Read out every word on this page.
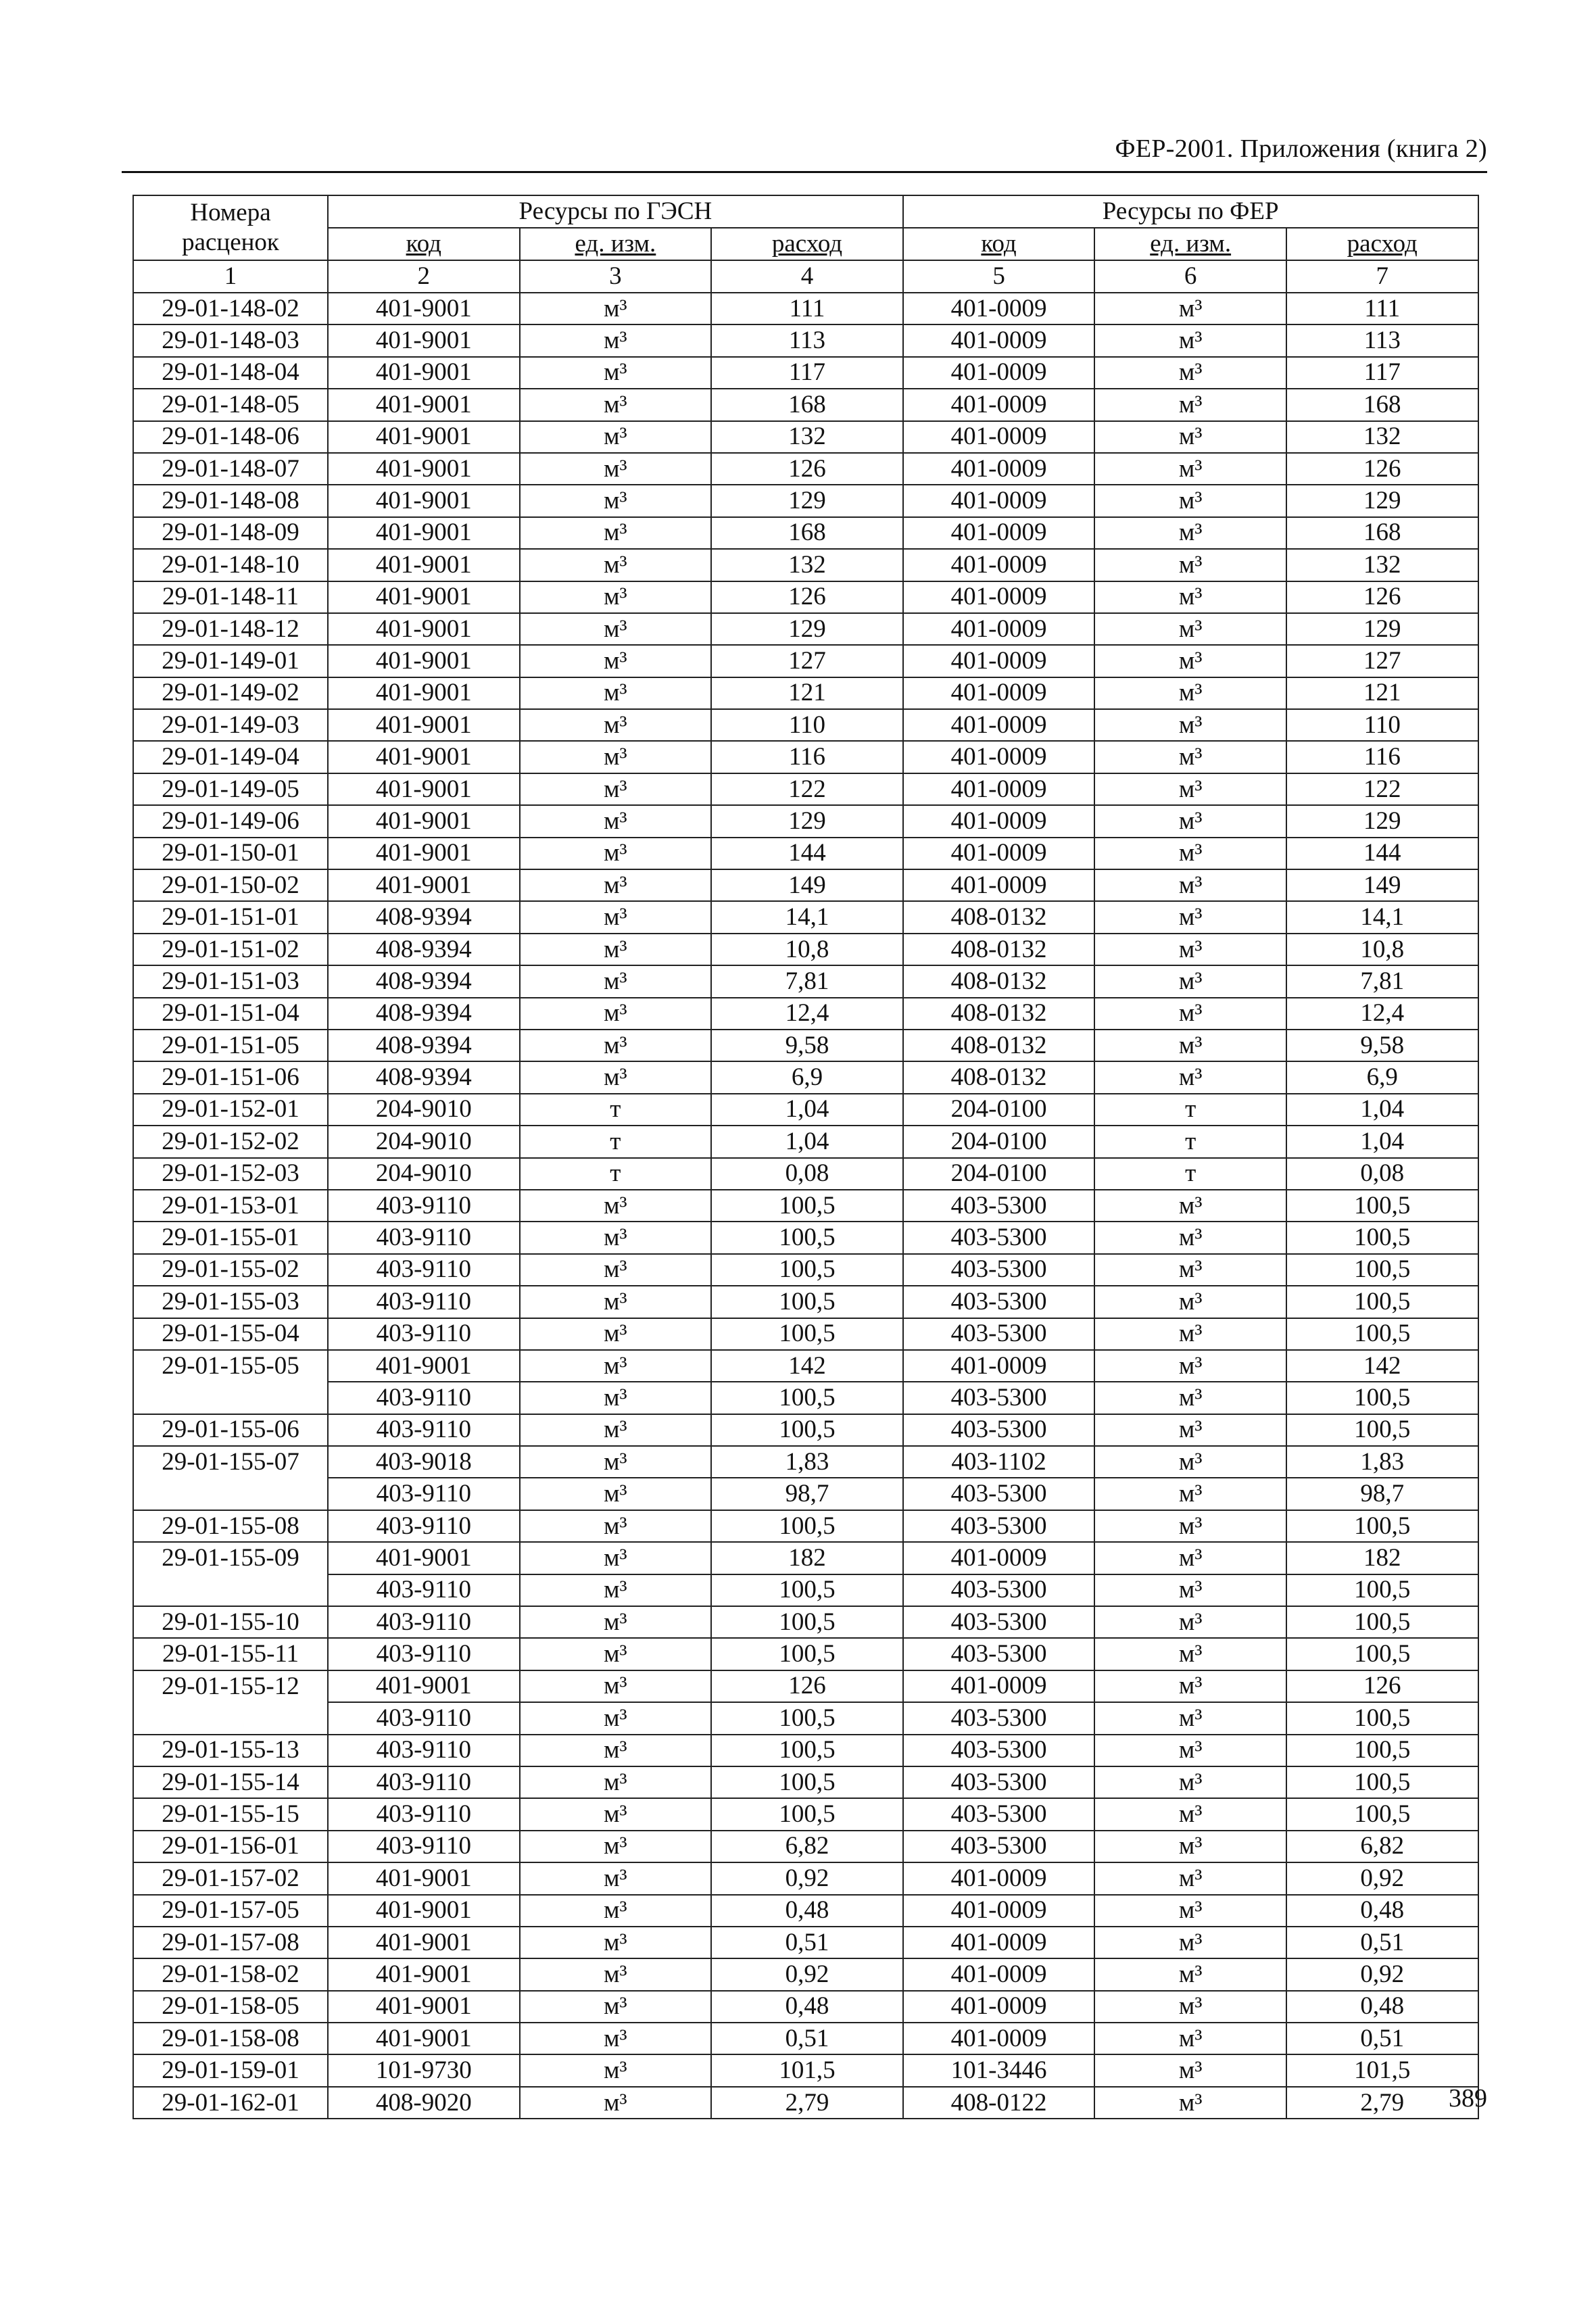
ФЕР-2001. Приложения (книга 2)
Номера расценок	Ресурсы по ГЭСН			Ресурсы по ФЕР		
	код	ед. изм.	расход	код	ед. изм.	расход
1	2	3	4	5	6	7
29-01-148-02	401-9001	м³	111	401-0009	м³	111
29-01-148-03	401-9001	м³	113	401-0009	м³	113
29-01-148-04	401-9001	м³	117	401-0009	м³	117
29-01-148-05	401-9001	м³	168	401-0009	м³	168
29-01-148-06	401-9001	м³	132	401-0009	м³	132
29-01-148-07	401-9001	м³	126	401-0009	м³	126
29-01-148-08	401-9001	м³	129	401-0009	м³	129
29-01-148-09	401-9001	м³	168	401-0009	м³	168
29-01-148-10	401-9001	м³	132	401-0009	м³	132
29-01-148-11	401-9001	м³	126	401-0009	м³	126
29-01-148-12	401-9001	м³	129	401-0009	м³	129
29-01-149-01	401-9001	м³	127	401-0009	м³	127
29-01-149-02	401-9001	м³	121	401-0009	м³	121
29-01-149-03	401-9001	м³	110	401-0009	м³	110
29-01-149-04	401-9001	м³	116	401-0009	м³	116
29-01-149-05	401-9001	м³	122	401-0009	м³	122
29-01-149-06	401-9001	м³	129	401-0009	м³	129
29-01-150-01	401-9001	м³	144	401-0009	м³	144
29-01-150-02	401-9001	м³	149	401-0009	м³	149
29-01-151-01	408-9394	м³	14,1	408-0132	м³	14,1
29-01-151-02	408-9394	м³	10,8	408-0132	м³	10,8
29-01-151-03	408-9394	м³	7,81	408-0132	м³	7,81
29-01-151-04	408-9394	м³	12,4	408-0132	м³	12,4
29-01-151-05	408-9394	м³	9,58	408-0132	м³	9,58
29-01-151-06	408-9394	м³	6,9	408-0132	м³	6,9
29-01-152-01	204-9010	т	1,04	204-0100	т	1,04
29-01-152-02	204-9010	т	1,04	204-0100	т	1,04
29-01-152-03	204-9010	т	0,08	204-0100	т	0,08
29-01-153-01	403-9110	м³	100,5	403-5300	м³	100,5
29-01-155-01	403-9110	м³	100,5	403-5300	м³	100,5
29-01-155-02	403-9110	м³	100,5	403-5300	м³	100,5
29-01-155-03	403-9110	м³	100,5	403-5300	м³	100,5
29-01-155-04	403-9110	м³	100,5	403-5300	м³	100,5
29-01-155-05	401-9001	м³	142	401-0009	м³	142
	403-9110	м³	100,5	403-5300	м³	100,5
29-01-155-06	403-9110	м³	100,5	403-5300	м³	100,5
29-01-155-07	403-9018	м³	1,83	403-1102	м³	1,83
	403-9110	м³	98,7	403-5300	м³	98,7
29-01-155-08	403-9110	м³	100,5	403-5300	м³	100,5
29-01-155-09	401-9001	м³	182	401-0009	м³	182
	403-9110	м³	100,5	403-5300	м³	100,5
29-01-155-10	403-9110	м³	100,5	403-5300	м³	100,5
29-01-155-11	403-9110	м³	100,5	403-5300	м³	100,5
29-01-155-12	401-9001	м³	126	401-0009	м³	126
	403-9110	м³	100,5	403-5300	м³	100,5
29-01-155-13	403-9110	м³	100,5	403-5300	м³	100,5
29-01-155-14	403-9110	м³	100,5	403-5300	м³	100,5
29-01-155-15	403-9110	м³	100,5	403-5300	м³	100,5
29-01-156-01	403-9110	м³	6,82	403-5300	м³	6,82
29-01-157-02	401-9001	м³	0,92	401-0009	м³	0,92
29-01-157-05	401-9001	м³	0,48	401-0009	м³	0,48
29-01-157-08	401-9001	м³	0,51	401-0009	м³	0,51
29-01-158-02	401-9001	м³	0,92	401-0009	м³	0,92
29-01-158-05	401-9001	м³	0,48	401-0009	м³	0,48
29-01-158-08	401-9001	м³	0,51	401-0009	м³	0,51
29-01-159-01	101-9730	м³	101,5	101-3446	м³	101,5
29-01-162-01	408-9020	м³	2,79	408-0122	м³	2,79	389
